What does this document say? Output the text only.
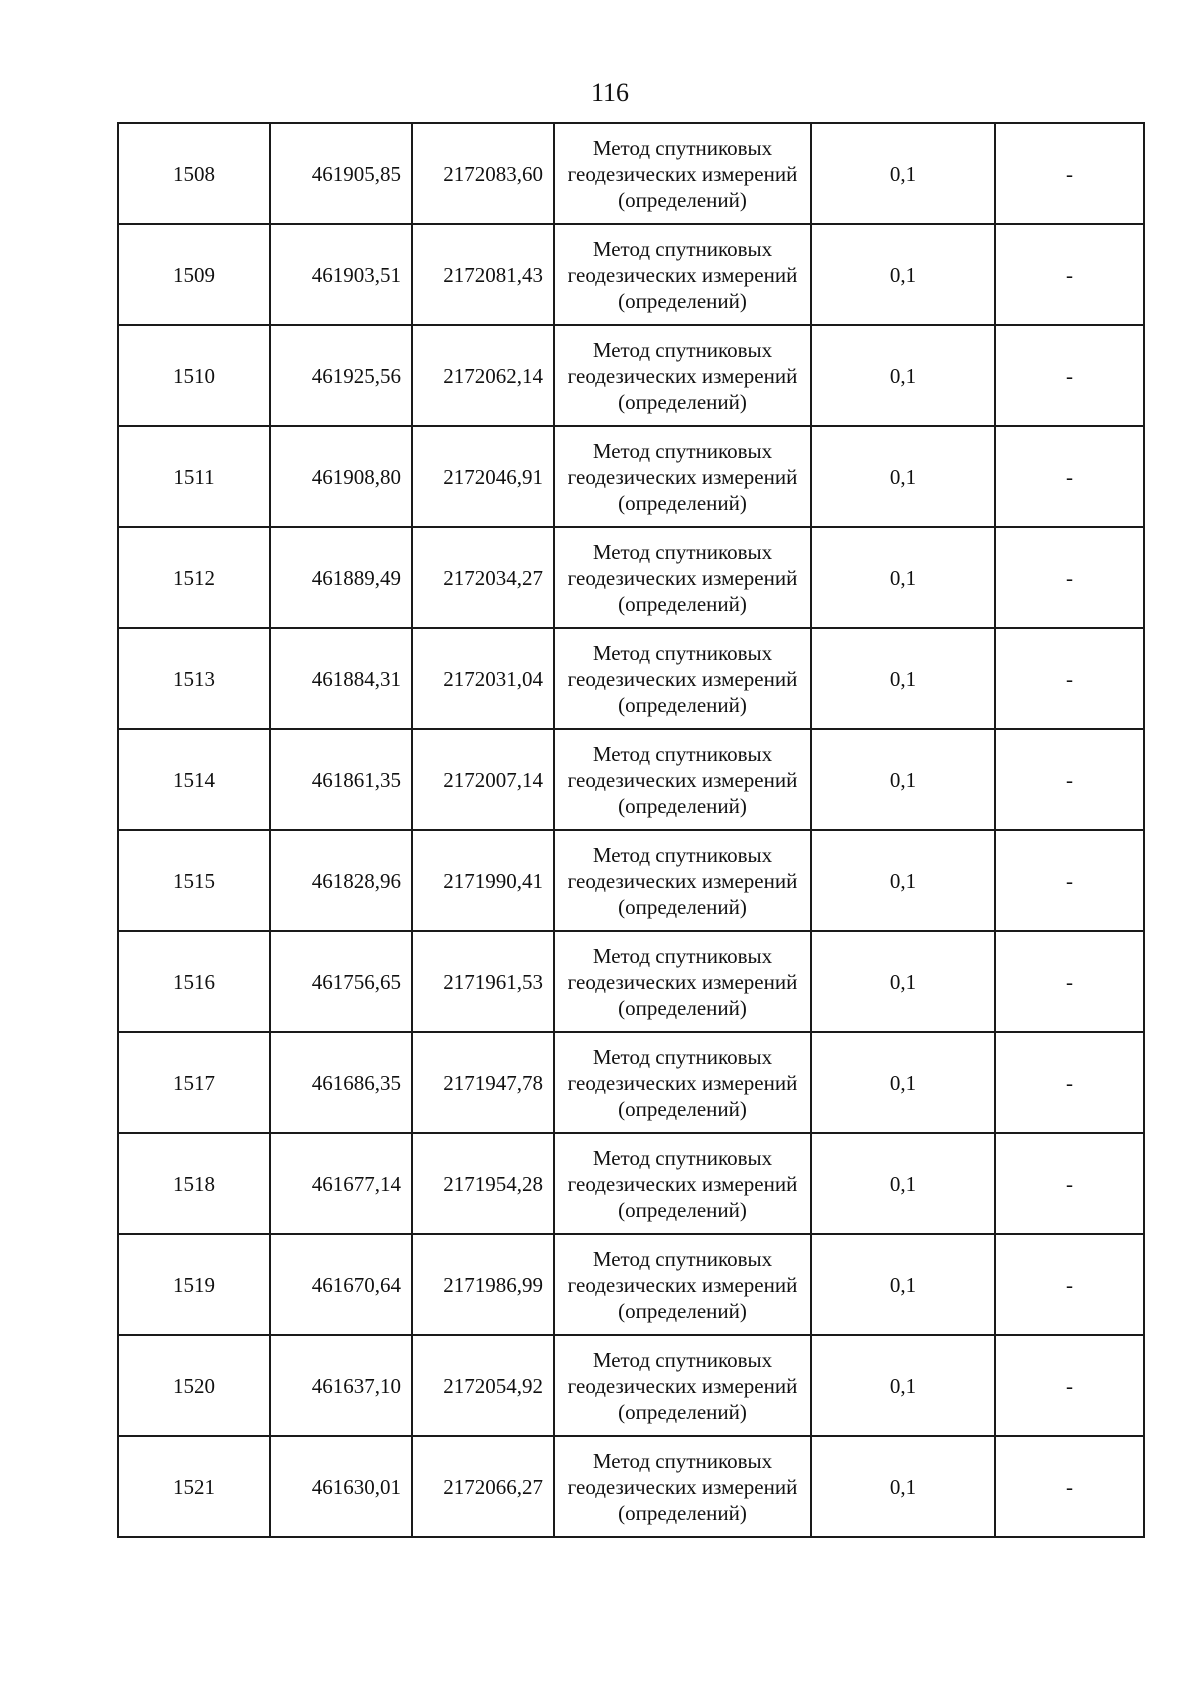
116
1508	461905,85	2172083,60	Метод спутниковых
геодезических измерений
(определений)	0,1	-
1509	461903,51	2172081,43	Метод спутниковых
геодезических измерений
(определений)	0,1	-
1510	461925,56	2172062,14	Метод спутниковых
геодезических измерений
(определений)	0,1	-
1511	461908,80	2172046,91	Метод спутниковых
геодезических измерений
(определений)	0,1	-
1512	461889,49	2172034,27	Метод спутниковых
геодезических измерений
(определений)	0,1	-
1513	461884,31	2172031,04	Метод спутниковых
геодезических измерений
(определений)	0,1	-
1514	461861,35	2172007,14	Метод спутниковых
геодезических измерений
(определений)	0,1	-
1515	461828,96	2171990,41	Метод спутниковых
геодезических измерений
(определений)	0,1	-
1516	461756,65	2171961,53	Метод спутниковых
геодезических измерений
(определений)	0,1	-
1517	461686,35	2171947,78	Метод спутниковых
геодезических измерений
(определений)	0,1	-
1518	461677,14	2171954,28	Метод спутниковых
геодезических измерений
(определений)	0,1	-
1519	461670,64	2171986,99	Метод спутниковых
геодезических измерений
(определений)	0,1	-
1520	461637,10	2172054,92	Метод спутниковых
геодезических измерений
(определений)	0,1	-
1521	461630,01	2172066,27	Метод спутниковых
геодезических измерений
(определений)	0,1	-
